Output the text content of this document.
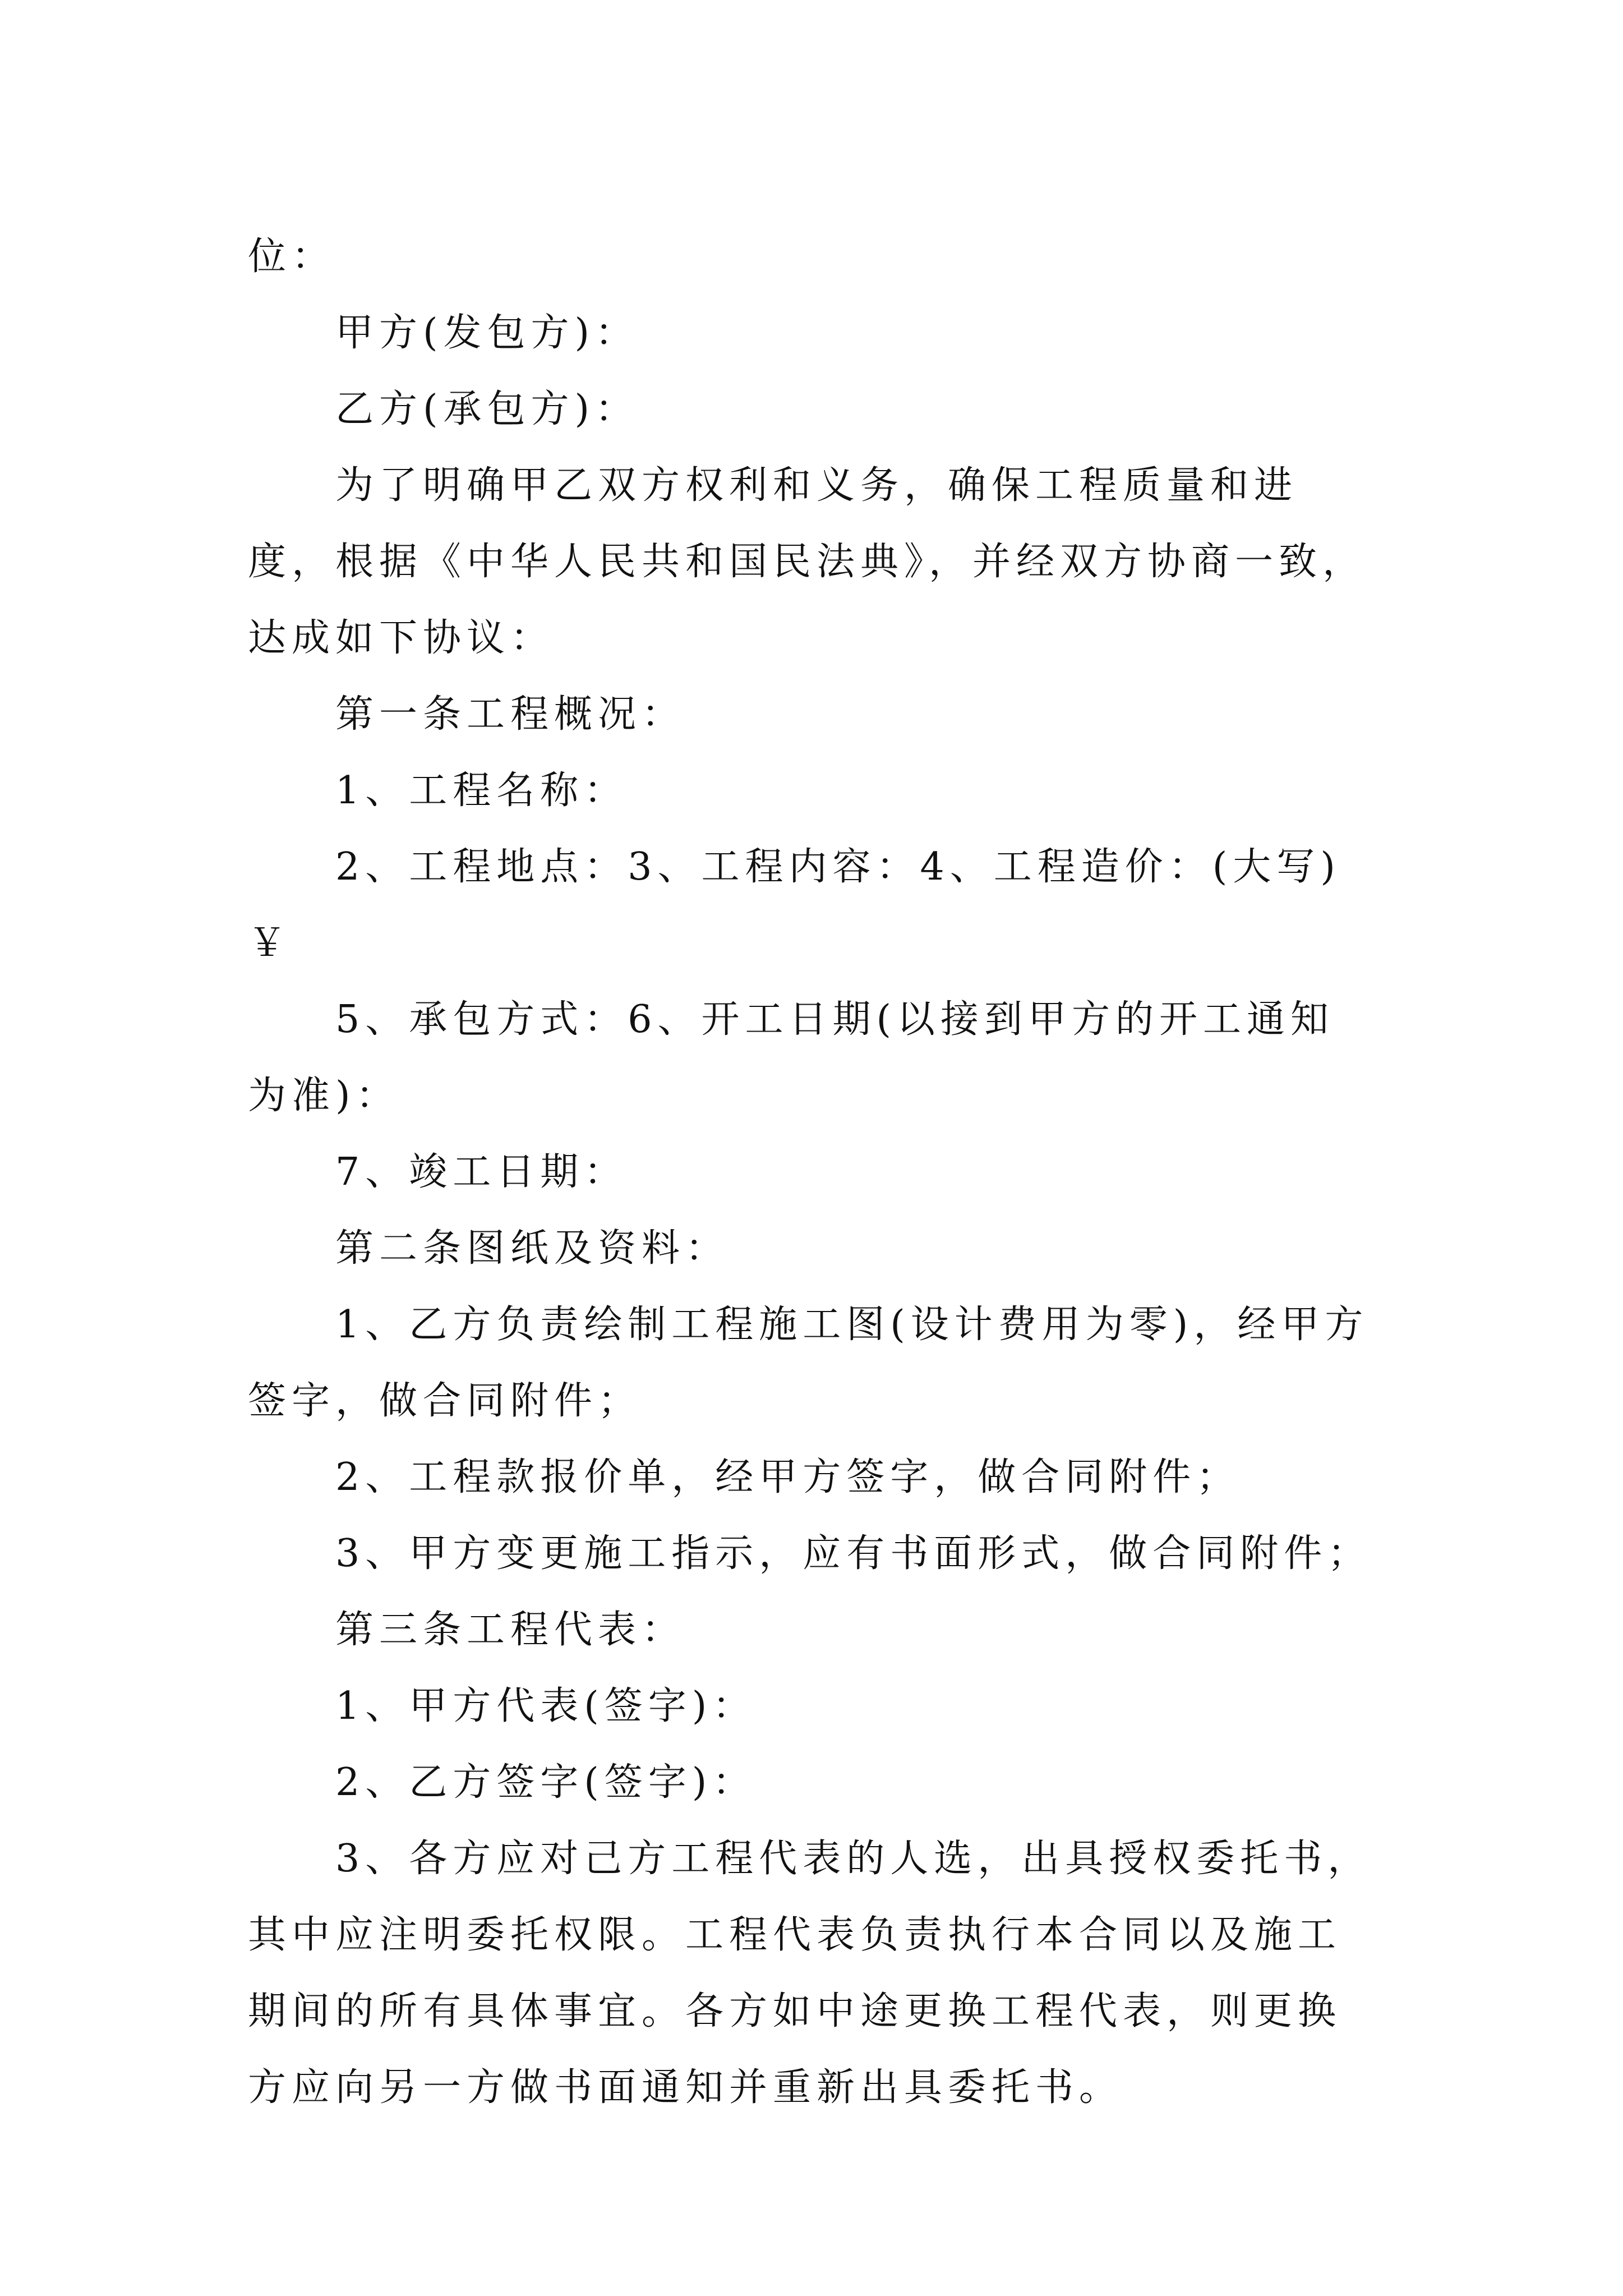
位：

甲方(发包方)：

乙方(承包方)：

为了明确甲乙双方权利和义务，确保工程质量和进度，根据《中华人民共和国民法典》，并经双方协商一致，达成如下协议：

第一条工程概况：

1、工程名称：

2、工程地点：3、工程内容：4、工程造价：(大写)￥

5、承包方式：6、开工日期(以接到甲方的开工通知为准)：

7、竣工日期：

第二条图纸及资料：

1、乙方负责绘制工程施工图(设计费用为零)，经甲方签字，做合同附件；

2、工程款报价单，经甲方签字，做合同附件；

3、甲方变更施工指示，应有书面形式，做合同附件；

第三条工程代表：

1、甲方代表(签字)：

2、乙方签字(签字)：

3、各方应对己方工程代表的人选，出具授权委托书，其中应注明委托权限。工程代表负责执行本合同以及施工期间的所有具体事宜。各方如中途更换工程代表，则更换方应向另一方做书面通知并重新出具委托书。
